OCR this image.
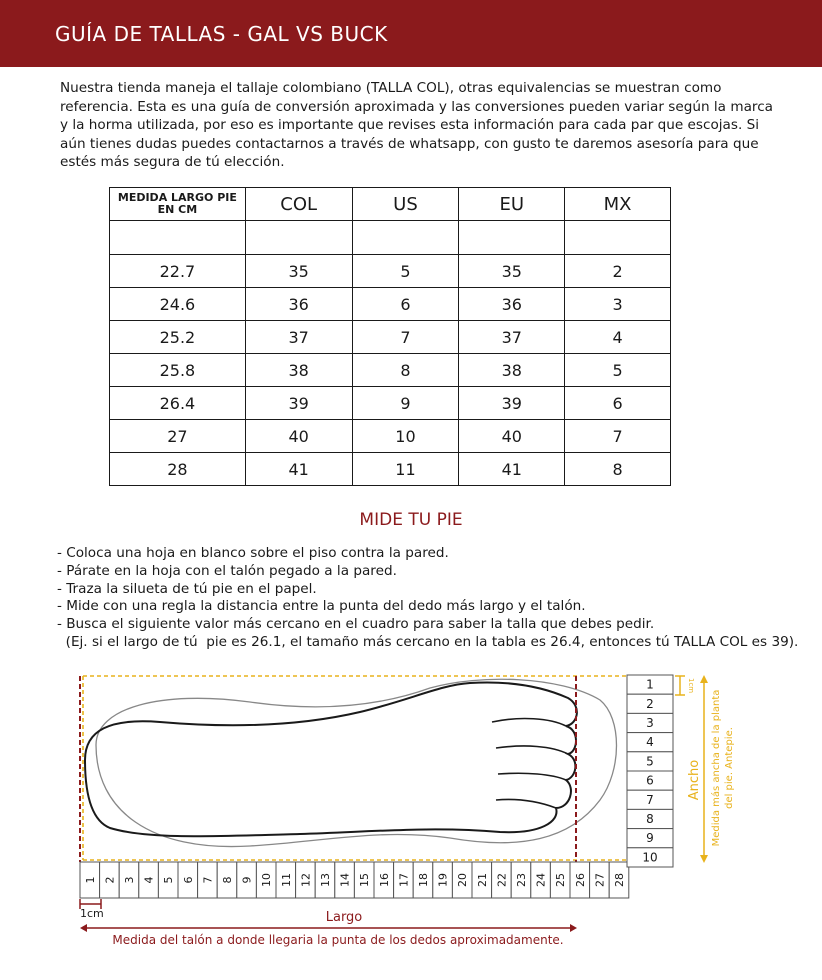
GUÍA DE TALLAS - GAL VS BUCK

Nuestra tienda maneja el tallaje colombiano (TALLA COL), otras equivalencias se muestran como referencia. Esta es una guía de conversión aproximada y las conversiones pueden variar según la marca y la horma utilizada, por eso es importante que revises esta información para cada par que escojas. Si aún tienes dudas puedes contactarnos a través de whatsapp, con gusto te daremos asesoría para que estés más segura de tú elección.

MEDIDA LARGO PIE EN CM	COL	US	EU	MX

22.7	35	5	35	2
24.6	36	6	36	3
25.2	37	7	37	4
25.8	38	8	38	5
26.4	39	9	39	6
27	40	10	40	7
28	41	11	41	8
MIDE TU PIE
- Coloca una hoja en blanco sobre el piso contra la pared.
- Párate en la hoja con el talón pegado a la pared.
- Traza la silueta de tú pie en el papel.
- Mide con una regla la distancia entre la punta del dedo más largo y el talón.
- Busca el siguiente valor más cercano en el cuadro para saber la talla que debes pedir.
(Ej. si el largo de tú  pie es 26.1, el tamaño más cercano en la tabla es 26.4, entonces tú TALLA COL es 39).
1 2 3 4 5 6 7 8 9 10 11 12 13 14 15 16 17 18 19 20 21 22 23 24 25 26 27 28
1
2
3
4
5
6
7
8
9
10
1cm	Largo
Medida del talón a donde llegaria la punta de los dedos aproximadamente.
1cm
Ancho Medida más ancha de la planta del pie. Antepie.
